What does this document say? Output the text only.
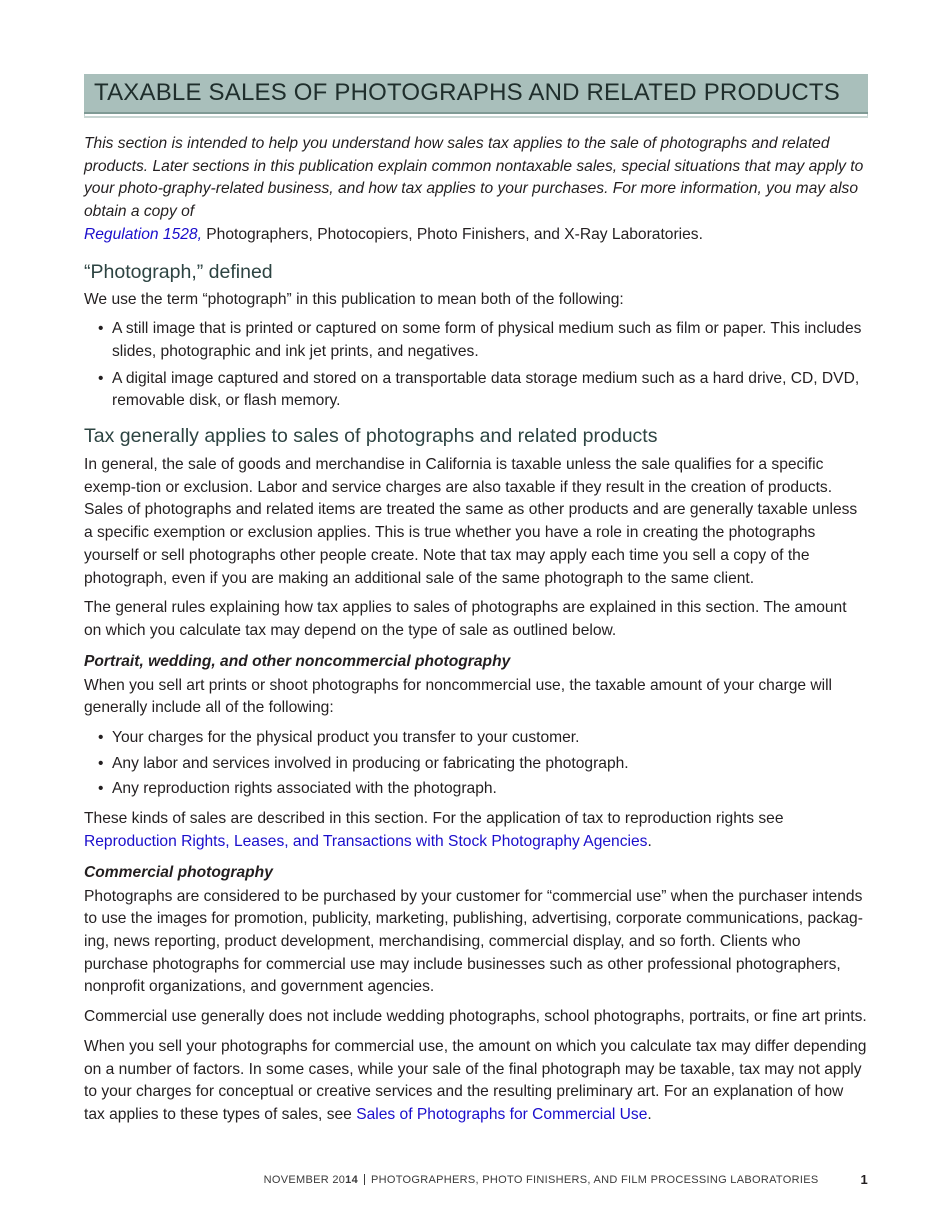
TAXABLE SALES OF PHOTOGRAPHS AND RELATED PRODUCTS

This section is intended to help you understand how sales tax applies to the sale of photographs and related products. Later sections in this publication explain common nontaxable sales, special situations that may apply to your photo-graphy-related business, and how tax applies to your purchases. For more information, you may also obtain a copy of
Regulation 1528, Photographers, Photocopiers, Photo Finishers, and X-Ray Laboratories.

“Photograph,” defined

We use the term “photograph” in this publication to mean both of the following:

• A still image that is printed or captured on some form of physical medium such as film or paper. This includes slides, photographic and ink jet prints, and negatives.
• A digital image captured and stored on a transportable data storage medium such as a hard drive, CD, DVD, removable disk, or flash memory.
Tax generally applies to sales of photographs and related products

In general, the sale of goods and merchandise in California is taxable unless the sale qualifies for a specific exemp-tion or exclusion. Labor and service charges are also taxable if they result in the creation of products. Sales of photographs and related items are treated the same as other products and are generally taxable unless a specific exemption or exclusion applies. This is true whether you have a role in creating the photographs yourself or sell photographs other people create. Note that tax may apply each time you sell a copy of the photograph, even if you are making an additional sale of the same photograph to the same client.

The general rules explaining how tax applies to sales of photographs are explained in this section. The amount on which you calculate tax may depend on the type of sale as outlined below.

Portrait, wedding, and other noncommercial photography

When you sell art prints or shoot photographs for noncommercial use, the taxable amount of your charge will generally include all of the following:

• Your charges for the physical product you transfer to your customer.
• Any labor and services involved in producing or fabricating the photograph.
• Any reproduction rights associated with the photograph.

These kinds of sales are described in this section. For the application of tax to reproduction rights see Reproduction Rights, Leases, and Transactions with Stock Photography Agencies.

Commercial photography

Photographs are considered to be purchased by your customer for “commercial use” when the purchaser intends to use the images for promotion, publicity, marketing, publishing, advertising, corporate communications, packag-ing, news reporting, product development, merchandising, commercial display, and so forth. Clients who purchase photographs for commercial use may include businesses such as other professional photographers, nonprofit organizations, and government agencies.

Commercial use generally does not include wedding photographs, school photographs, portraits, or fine art prints.

When you sell your photographs for commercial use, the amount on which you calculate tax may differ depending on a number of factors. In some cases, while your sale of the final photograph may be taxable, tax may not apply to your charges for conceptual or creative services and the resulting preliminary art. For an explanation of how tax applies to these types of sales, see Sales of Photographs for Commercial Use.

NOVEMBER 2014 PHOTOGRAPHERS, PHOTO FINISHERS, AND FILM PROCESSING LABORATORIES	1
